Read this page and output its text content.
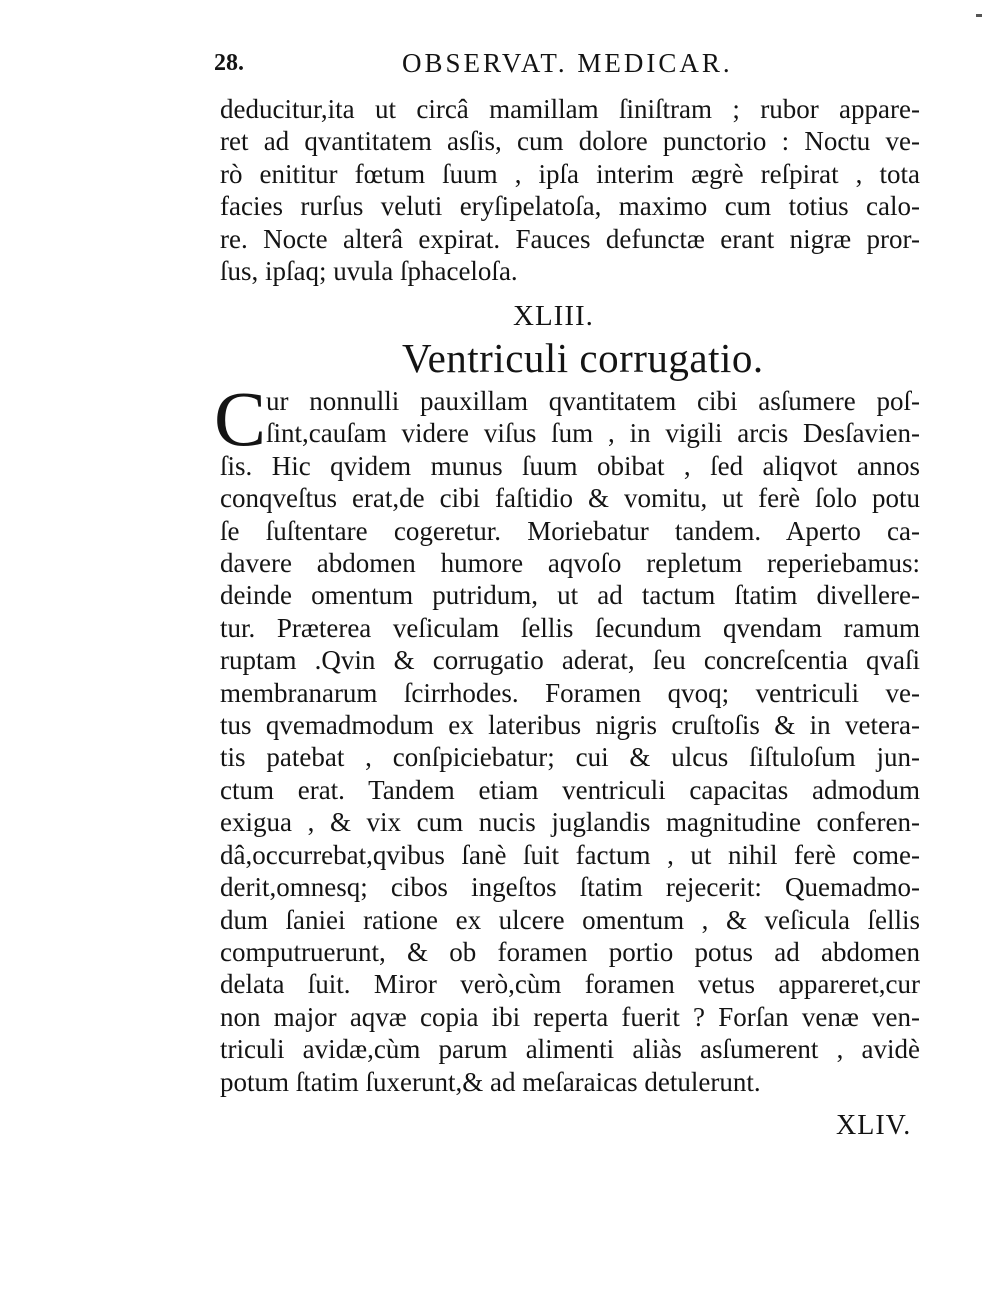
28.	OBSERVAT. MEDICAR.
deducitur,ita ut circâ mamillam ſiniſtram ; rubor appare-
ret ad qvantitatem asſis, cum dolore punctorio : Noctu ve-
rò enititur fœtum ſuum , ipſa interim ægrè reſpirat , tota
facies rurſus veluti eryſipelatoſa, maximo cum totius calo-
re. Nocte alterâ expirat. Fauces defunctæ erant nigræ pror-
ſus, ipſaq; uvula ſphaceloſa.
XLIII.
Ventriculi corrugatio.
C ur nonnulli pauxillam qvantitatem cibi asſumere poſ-
ſint,cauſam videre viſus ſum , in vigili arcis Desſavien-
ſis. Hic qvidem munus ſuum obibat , ſed aliqvot annos
conqveſtus erat,de cibi faſtidio & vomitu, ut ferè ſolo potu
ſe ſuſtentare cogeretur. Moriebatur tandem. Aperto ca-
davere abdomen humore aqvoſo repletum reperiebamus:
deinde omentum putridum, ut ad tactum ſtatim divellere-
tur. Præterea veſiculam ſellis ſecundum qvendam ramum
ruptam .Qvin & corrugatio aderat, ſeu concreſcentia qvaſi
membranarum ſcirrhodes. Foramen qvoq; ventriculi ve-
tus qvemadmodum ex lateribus nigris cruſtoſis & in vetera-
tis patebat , conſpiciebatur; cui & ulcus ſiſtuloſum jun-
ctum erat. Tandem etiam ventriculi capacitas admodum
exigua , & vix cum nucis juglandis magnitudine conferen-
dâ,occurrebat,qvibus ſanè ſuit factum , ut nihil ferè come-
derit,omnesq; cibos ingeſtos ſtatim rejecerit: Quemadmo-
dum ſaniei ratione ex ulcere omentum , & veſicula ſellis
computruerunt, & ob foramen portio potus ad abdomen
delata ſuit. Miror verò,cùm foramen vetus appareret,cur
non major aqvæ copia ibi reperta fuerit ? Forſan venæ ven-
triculi avidæ,cùm parum alimenti aliàs asſumerent , avidè
potum ſtatim ſuxerunt,& ad meſaraicas detulerunt.
XLIV.
